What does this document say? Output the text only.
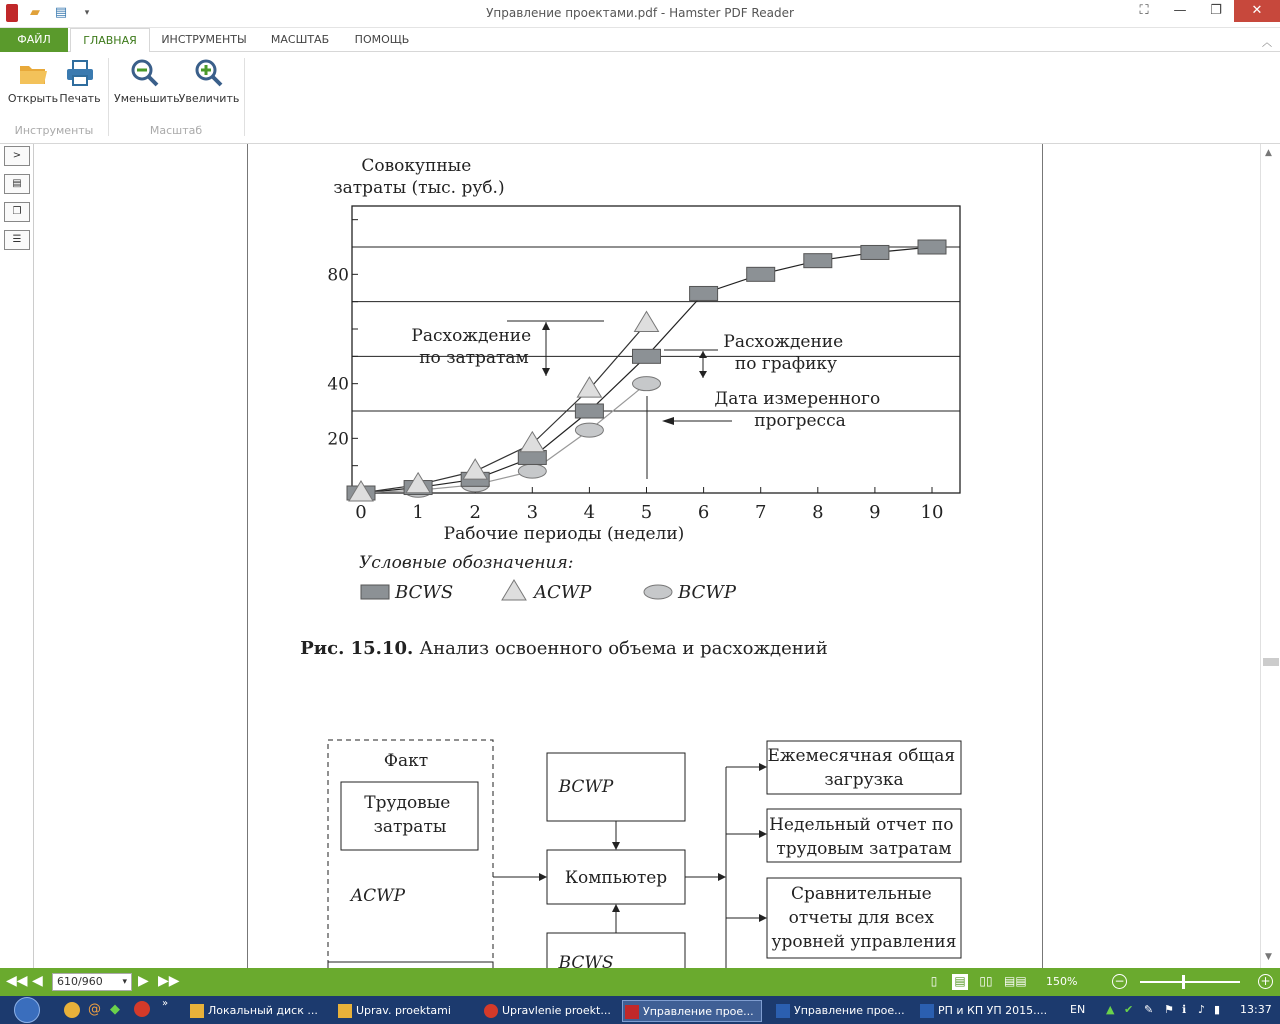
▰	▤	▾	Управление проектами.pdf - Hamster PDF Reader	⛶	—	❐	✕
ФАЙЛ	ГЛАВНАЯ	ИНСТРУМЕНТЫ	МАСШТАБ	ПОМОЩЬ	︿
Открыть Печать	Уменьшить Увеличить
Инструменты	Масштаб
>
▤
❐
☰
Совокупные затраты (тыс. руб.)
20
40
80
0	1	2	3	4	5	6	7	8	9 10
Рабочие периоды (недели)
Расхождение по затратам
Расхождение по графику
Дата измеренного прогресса
Условные обозначения:
BCWS	ACWP	BCWP
Рис. 15.10. Анализ освоенного объема и расхождений
Факт
Трудовые затраты
ACWP
BCWP
Компьютер
BCWS
Ежемесячная общая загрузка
Недельный отчет по трудовым затратам
Сравнительные отчеты для всех уровней управления
▲
▼
◀◀ ◀	610/960 ▾ ▶ ▶▶	▯	▤ ▯▯ ▤▤ 150%	−	+
@ ◆	»
Локальный диск ...	Uprav. proektami	Upravlenie proekt...	Управление прое...	Управление прое...	РП и КП УП 2015....	EN ▲ ✔ ✎ ⚑ ℹ ♪ ▮ 13:37
